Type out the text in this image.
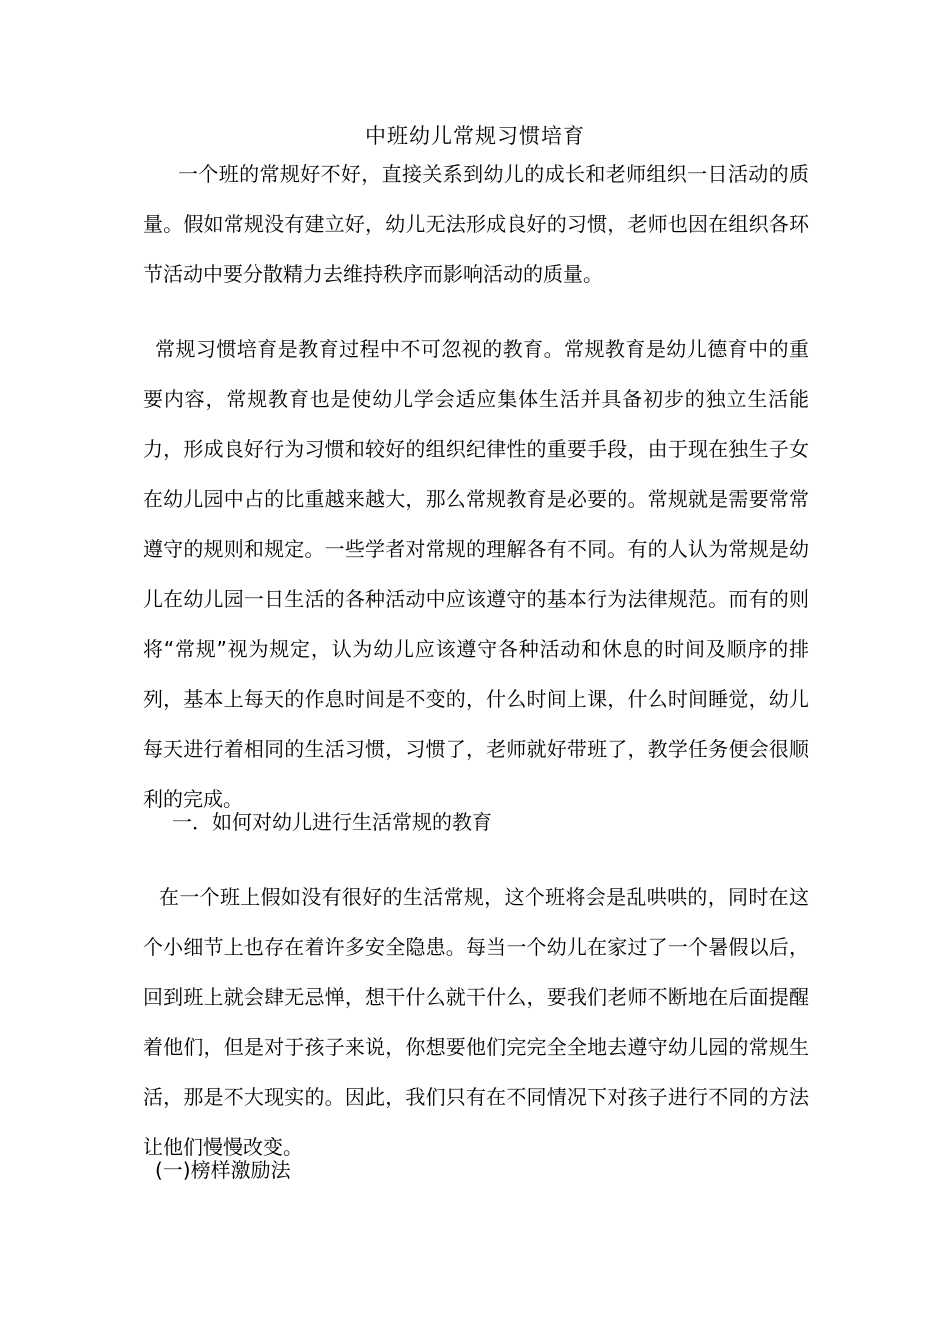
中班幼儿常规习惯培育

一个班的常规好不好，直接关系到幼儿的成长和老师组织一日活动的质量。假如常规没有建立好，幼儿无法形成良好的习惯，老师也因在组织各环节活动中要分散精力去维持秩序而影响活动的质量。

常规习惯培育是教育过程中不可忽视的教育。常规教育是幼儿德育中的重要内容，常规教育也是使幼儿学会适应集体生活并具备初步的独立生活能力，形成良好行为习惯和较好的组织纪律性的重要手段，由于现在独生子女在幼儿园中占的比重越来越大，那么常规教育是必要的。常规就是需要常常遵守的规则和规定。一些学者对常规的理解各有不同。有的人认为常规是幼儿在幼儿园一日生活的各种活动中应该遵守的基本行为法律规范。而有的则将“常规”视为规定，认为幼儿应该遵守各种活动和休息的时间及顺序的排列，基本上每天的作息时间是不变的，什么时间上课，什么时间睡觉，幼儿每天进行着相同的生活习惯，习惯了，老师就好带班了，教学任务便会很顺利的完成。

一．如何对幼儿进行生活常规的教育

在一个班上假如没有很好的生活常规，这个班将会是乱哄哄的，同时在这个小细节上也存在着许多安全隐患。每当一个幼儿在家过了一个暑假以后，回到班上就会肆无忌惮，想干什么就干什么，要我们老师不断地在后面提醒着他们，但是对于孩子来说，你想要他们完完全全地去遵守幼儿园的常规生活，那是不大现实的。因此，我们只有在不同情况下对孩子进行不同的方法让他们慢慢改变。

(一)榜样激励法
